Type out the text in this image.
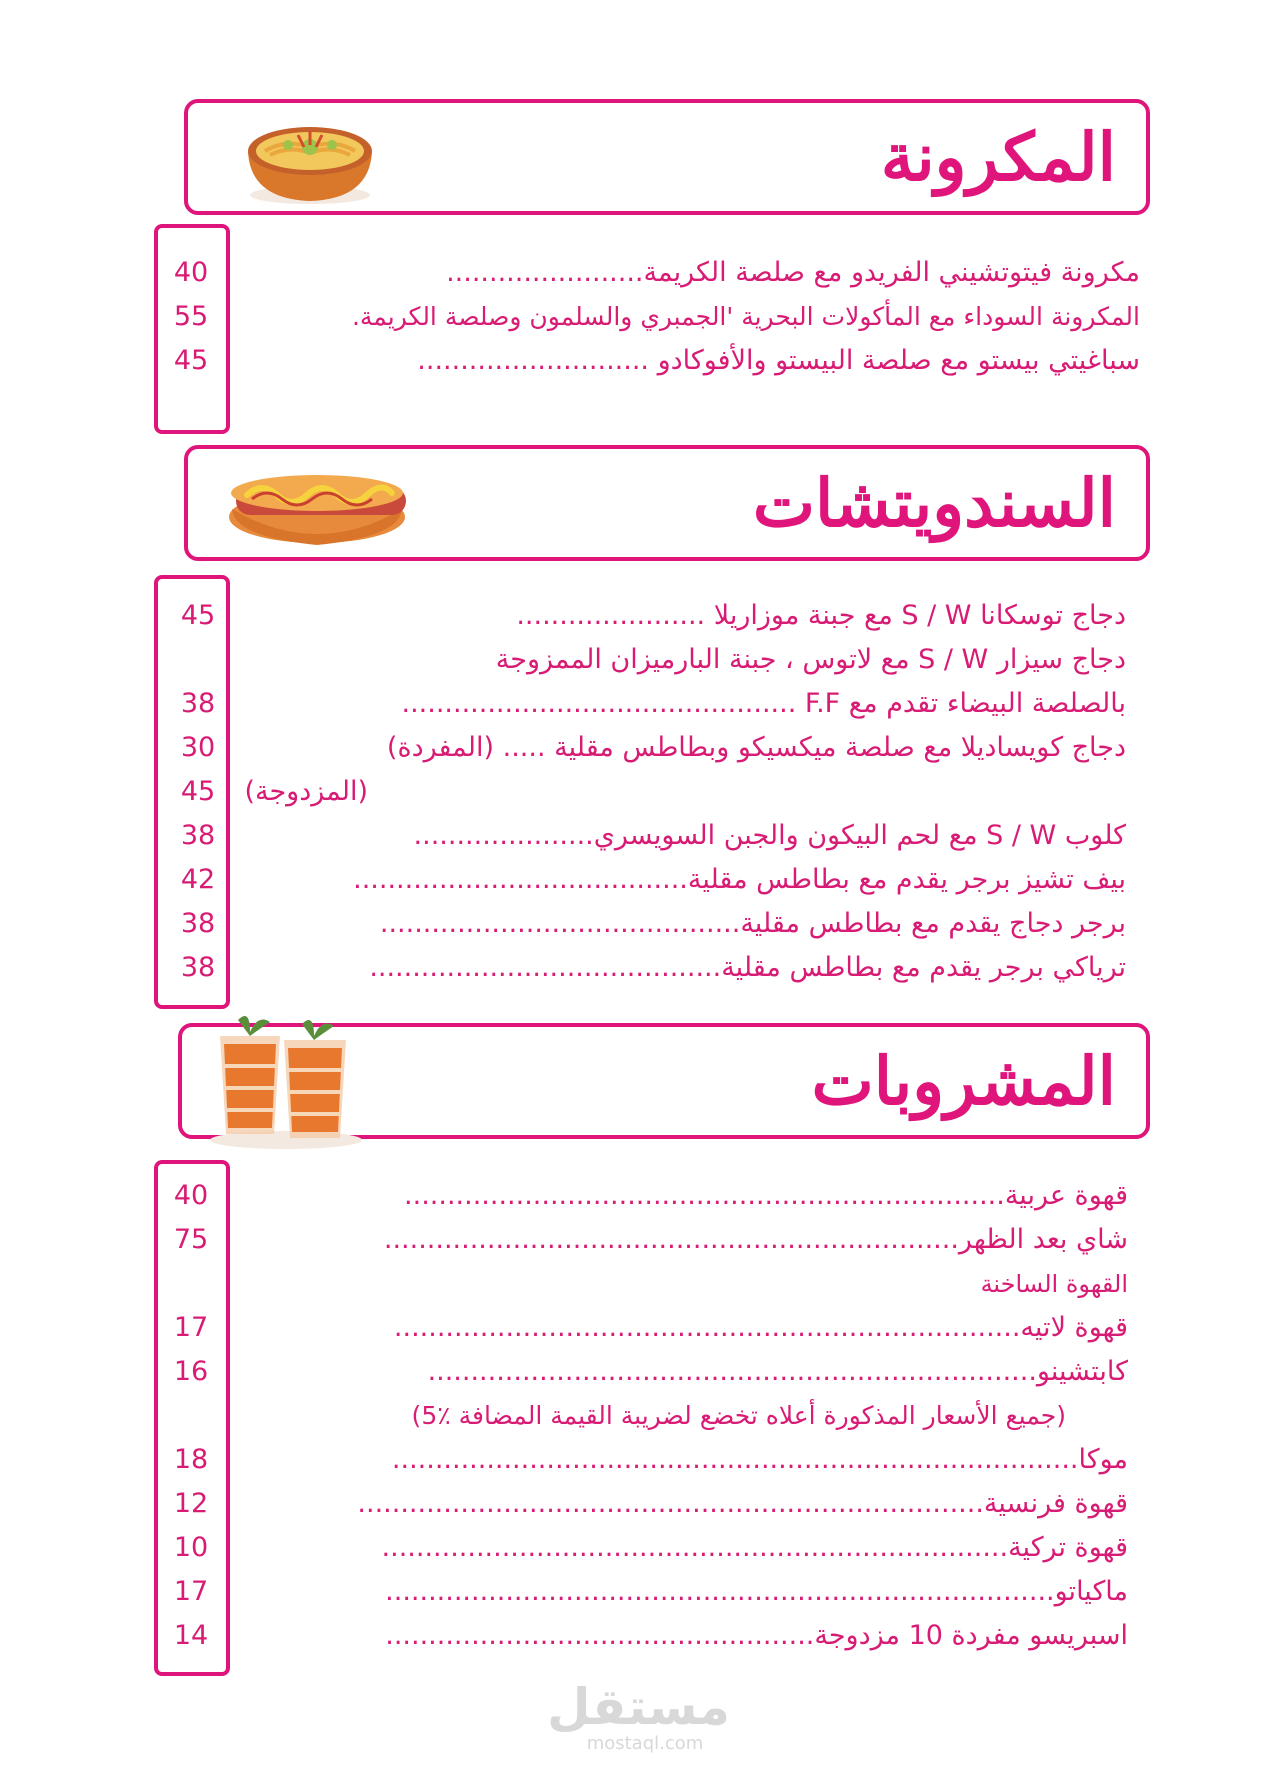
المكرونة
40	مكرونة فيتوتشيني الفريدو مع صلصة الكريمة.......................
55	المكرونة السوداء مع المأكولات البحرية 'الجمبري والسلمون وصلصة الكريمة.
45	سباغيتي بيستو مع صلصة البيستو والأفوكادو ...........................
السندويتشات
45	دجاج توسكانا S / W مع جبنة موزاريلا ......................
دجاج سيزار S / W مع لاتوس ، جبنة البارميزان الممزوجة
38	بالصلصة البيضاء تقدم مع F.F ..............................................
30	دجاج كويساديلا مع صلصة ميكسيكو وبطاطس مقلية ..... (المفردة)
45	(المزدوجة)
38	كلوب S / W مع لحم البيكون والجبن السويسري.....................
42	بيف تشيز برجر يقدم مع بطاطس مقلية.......................................
38	برجر دجاج يقدم مع بطاطس مقلية..........................................
38	ترياكي برجر يقدم مع بطاطس مقلية.........................................
المشروبات
40	قهوة عربية......................................................................
75	شاي بعد الظهر...................................................................
القهوة الساخنة
17	قهوة لاتيه.........................................................................
16	كابتشينو.......................................................................
(جميع الأسعار المذكورة أعلاه تخضع لضريبة القيمة المضافة ٪5)
18	موكا................................................................................
12	قهوة فرنسية.........................................................................
10	قهوة تركية.........................................................................
17	ماكياتو..............................................................................
14	اسبريسو مفردة 10 مزدوجة..................................................
مستقل
mostaql.com
